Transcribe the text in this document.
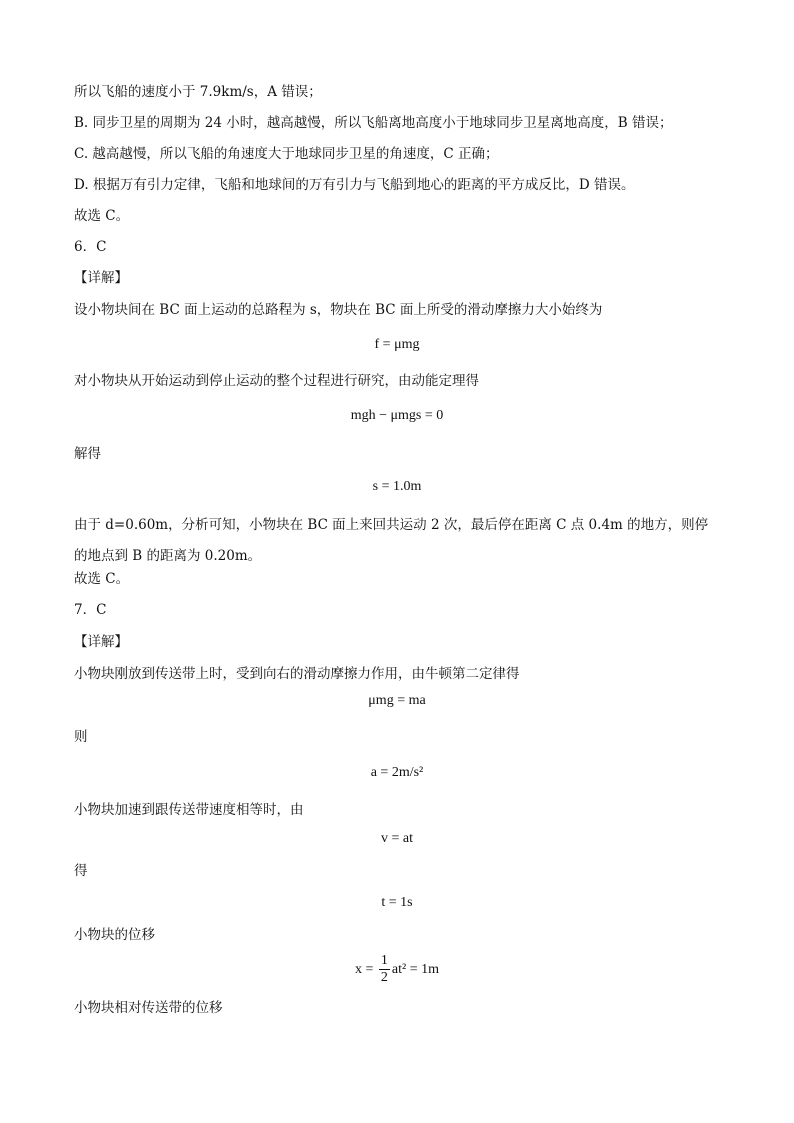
所以飞船的速度小于 7.9km/s，A 错误；
B. 同步卫星的周期为 24 小时，越高越慢，所以飞船离地高度小于地球同步卫星离地高度，B 错误；
C. 越高越慢，所以飞船的角速度大于地球同步卫星的角速度，C 正确；
D. 根据万有引力定律，飞船和地球间的万有引力与飞船到地心的距离的平方成反比，D 错误。
故选 C。
6．C
【详解】
设小物块间在 BC 面上运动的总路程为 s，物块在 BC 面上所受的滑动摩擦力大小始终为
f = μmg
对小物块从开始运动到停止运动的整个过程进行研究，由动能定理得
mgh − μmgs = 0
解得
s = 1.0m
由于 d=0.60m，分析可知，小物块在 BC 面上来回共运动 2 次，最后停在距离 C 点 0.4m 的地方，则停的地点到 B 的距离为 0.20m。
故选 C。
7．C
【详解】
小物块刚放到传送带上时，受到向右的滑动摩擦力作用，由牛顿第二定律得
μmg = ma
则
a = 2m/s²
小物块加速到跟传送带速度相等时，由
v = at
得
t = 1s
小物块的位移
$x = \frac{1}{2} at^2 = 1m$
小物块相对传送带的位移
